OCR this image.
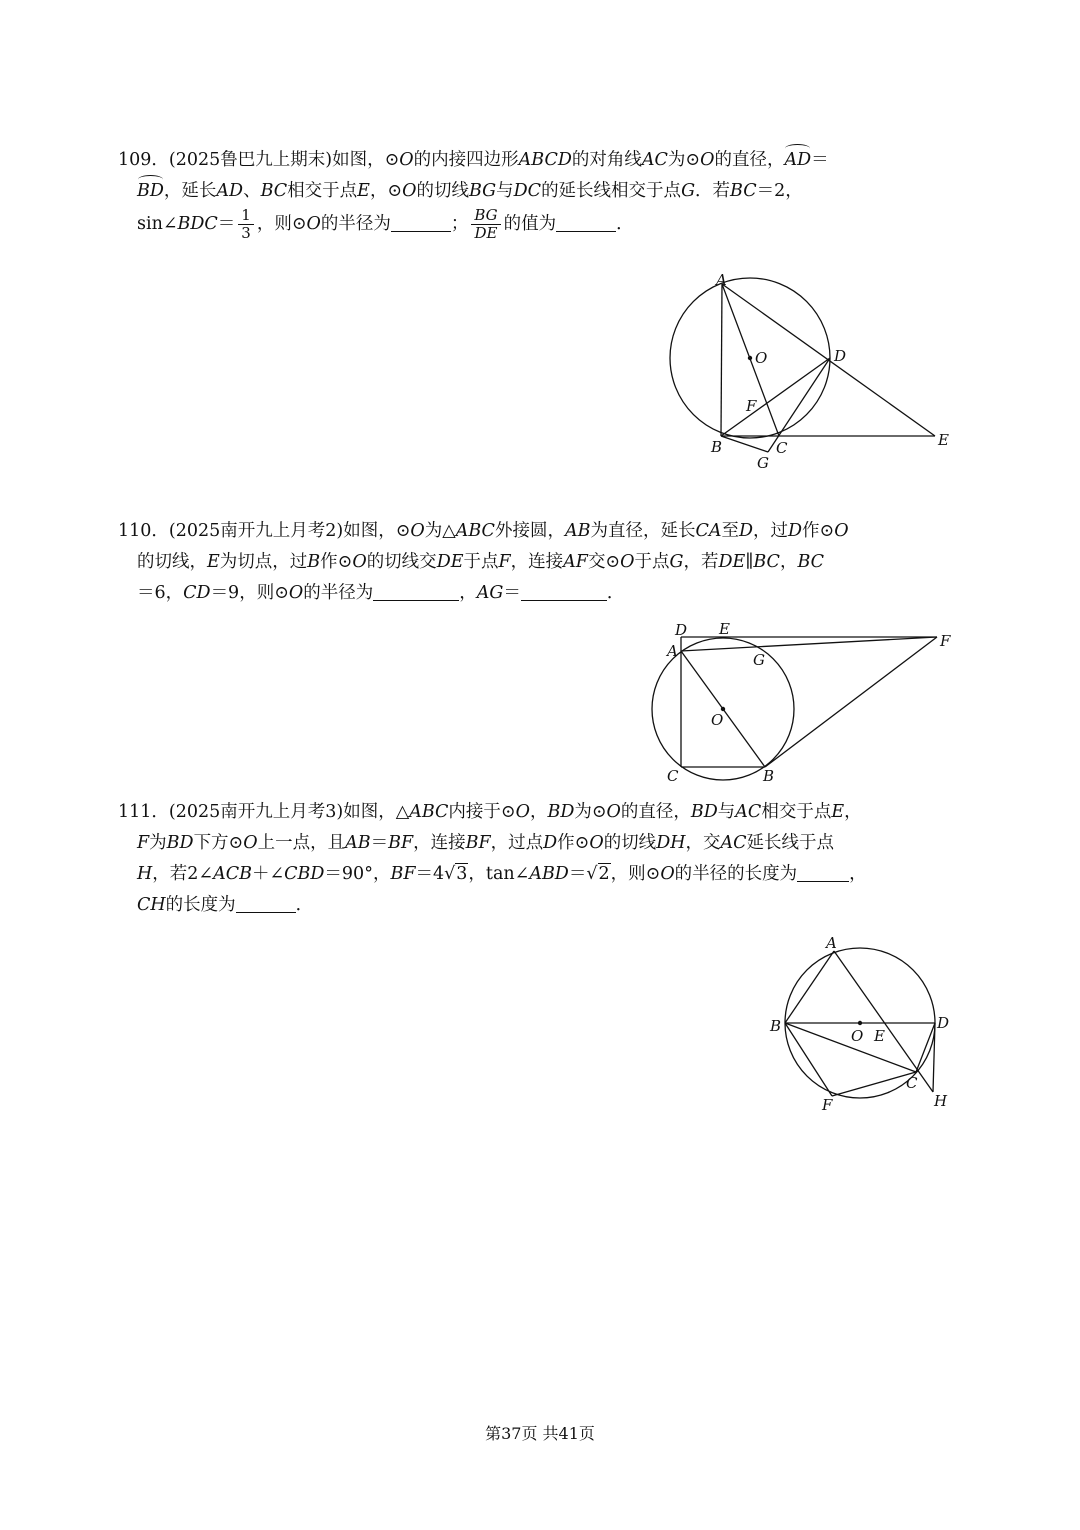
109．(2025鲁巴九上期末)如图，⊙O的内接四边形ABCD的对角线AC为⊙O的直径，AD＝
BD，延长AD、BC相交于点E，⊙O的切线BG与DC的延长线相交于点G．若BC＝2，
sin∠BDC＝ $\frac{1}{3}$ ，则⊙O的半径为	； $\frac{BG}{DE}$ 的值为	．
A
O	D
F
B	C
G
E
110．(2025南开九上月考2)如图，⊙O为△ABC外接圆，AB为直径，延长CA至D，过D作⊙O
的切线，E为切点，过B作⊙O的切线交DE于点F，连接AF交⊙O于点G，若DE∥BC，BC
＝6，CD＝9，则⊙O的半径为	，AG＝	．
D E
F
A	G
O
C	B
111．(2025南开九上月考3)如图，△ABC内接于⊙O，BD为⊙O的直径，BD与AC相交于点E，
F为BD下方⊙O上一点，且AB＝BF，连接BF，过点D作⊙O的切线DH，交AC延长线于点
H，若2∠ACB＋∠CBD＝90°，BF＝4√3，tan∠ABD＝√2，则⊙O的半径的长度为	，
CH的长度为	．
A
B
O E
D
C
H
F
第37页 共41页
